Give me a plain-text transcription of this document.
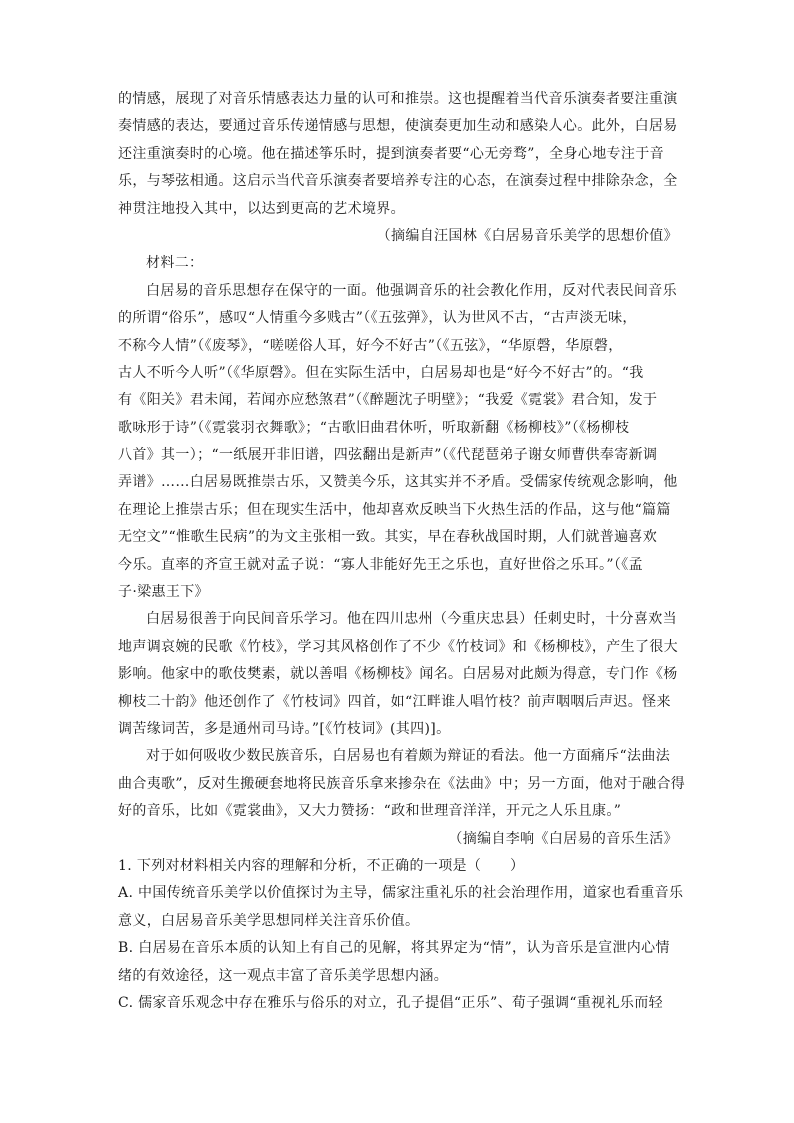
的情感，展现了对音乐情感表达力量的认可和推崇。这也提醒着当代音乐演奏者要注重演
奏情感的表达，要通过音乐传递情感与思想，使演奏更加生动和感染人心。此外，白居易
还注重演奏时的心境。他在描述筝乐时，提到演奏者要“心无旁骛”，全身心地专注于音
乐，与琴弦相通。这启示当代音乐演奏者要培养专注的心态，在演奏过程中排除杂念，全
神贯注地投入其中，以达到更高的艺术境界。
（摘编自汪国林《白居易音乐美学的思想价值》
材料二：
白居易的音乐思想存在保守的一面。他强调音乐的社会教化作用，反对代表民间音乐
的所谓“俗乐”，感叹“人情重今多贱古”（《五弦弹》，认为世风不古，“古声淡无味，
不称今人情”（《废琴》，“嗟嗟俗人耳，好今不好古”（《五弦》，“华原磬，华原磬，
古人不听今人听”（《华原磬》。但在实际生活中，白居易却也是“好今不好古”的。“我
有《阳关》君未闻，若闻亦应愁煞君”（《醉题沈子明壁》；“我爱《霓裳》君合知，发于
歌咏形于诗”（《霓裳羽衣舞歌》；“古歌旧曲君休听，听取新翻《杨柳枝》”（《杨柳枝
八首》其一）；“一纸展开非旧谱，四弦翻出是新声”（《代琵琶弟子谢女师曹供奉寄新调
弄谱》……白居易既推崇古乐，又赞美今乐，这其实并不矛盾。受儒家传统观念影响，他
在理论上推崇古乐；但在现实生活中，他却喜欢反映当下火热生活的作品，这与他“篇篇
无空文”“惟歌生民病”的为文主张相一致。其实，早在春秋战国时期，人们就普遍喜欢
今乐。直率的齐宣王就对孟子说：“寡人非能好先王之乐也，直好世俗之乐耳。”（《孟
子·梁惠王下》
白居易很善于向民间音乐学习。他在四川忠州（今重庆忠县）任刺史时，十分喜欢当
地声调哀婉的民歌《竹枝》，学习其风格创作了不少《竹枝词》和《杨柳枝》，产生了很大
影响。他家中的歌伎樊素，就以善唱《杨柳枝》闻名。白居易对此颇为得意，专门作《杨
柳枝二十韵》他还创作了《竹枝词》四首，如“江畔谁人唱竹枝？前声咽咽后声迟。怪来
调苦缘词苦，多是通州司马诗。”[《竹枝词》(其四)]。
对于如何吸收少数民族音乐，白居易也有着颇为辩证的看法。他一方面痛斥“法曲法
曲合夷歌”，反对生搬硬套地将民族音乐拿来掺杂在《法曲》中；另一方面，他对于融合得
好的音乐，比如《霓裳曲》，又大力赞扬：“政和世理音洋洋，开元之人乐且康。”
（摘编自李响《白居易的音乐生活》
1. 下列对材料相关内容的理解和分析，不正确的一项是（　　）
A. 中国传统音乐美学以价值探讨为主导，儒家注重礼乐的社会治理作用，道家也看重音乐
意义，白居易音乐美学思想同样关注音乐价值。
B. 白居易在音乐本质的认知上有自己的见解，将其界定为“情”，认为音乐是宣泄内心情
绪的有效途径，这一观点丰富了音乐美学思想内涵。
C. 儒家音乐观念中存在雅乐与俗乐的对立，孔子提倡“正乐”、荀子强调“重视礼乐而轻
